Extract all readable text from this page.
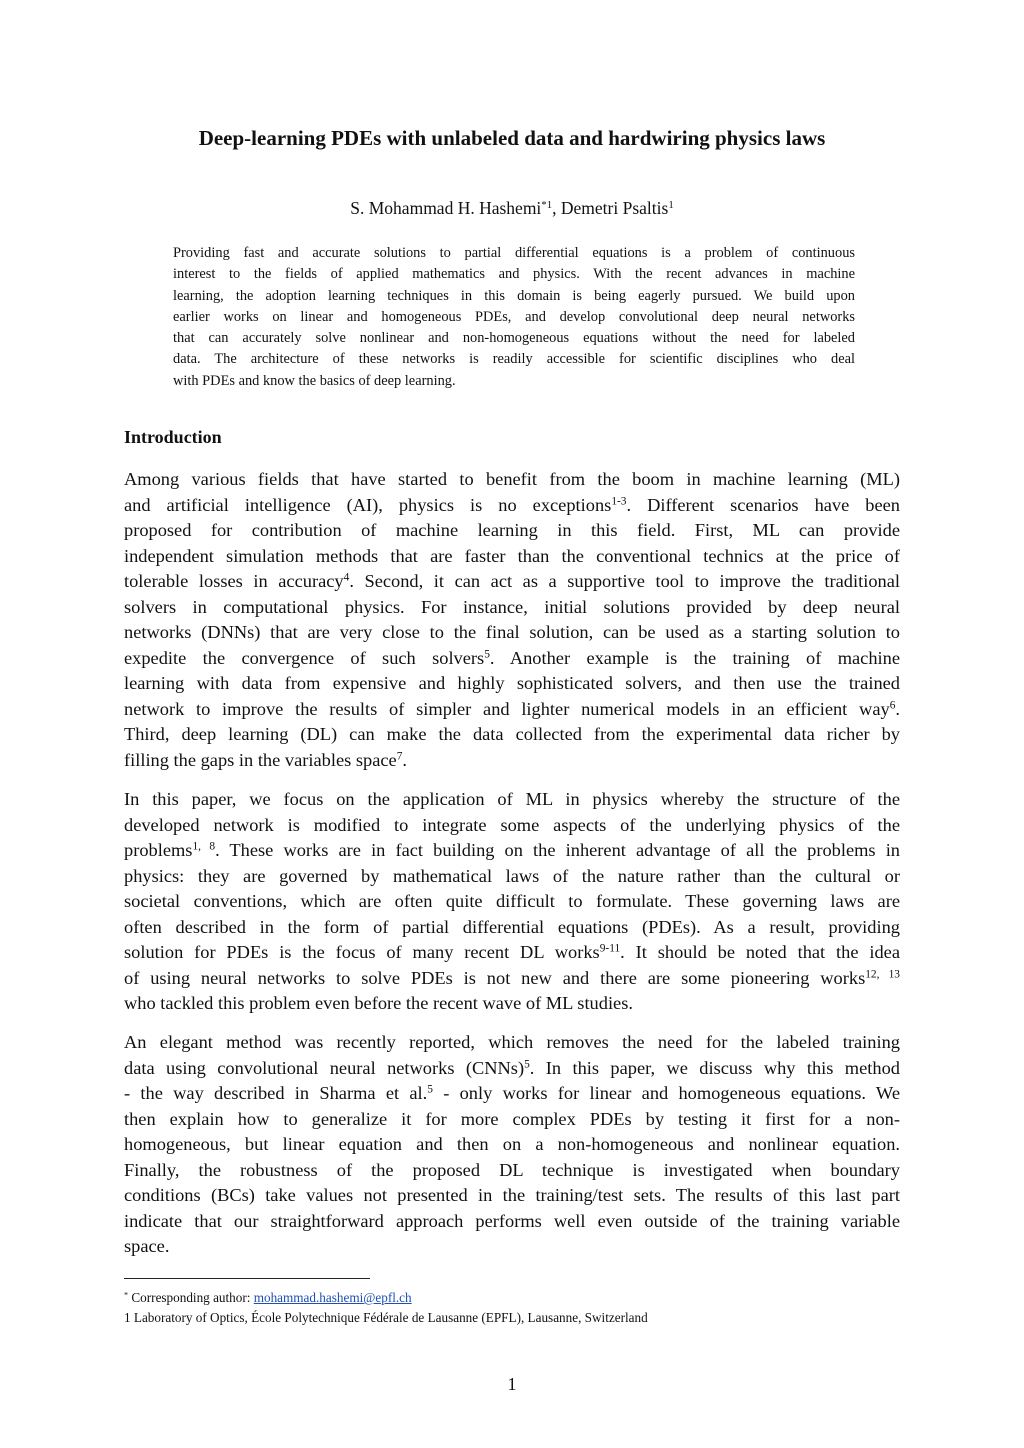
Deep-learning PDEs with unlabeled data and hardwiring physics laws
S. Mohammad H. Hashemi$^{*1}$, Demetri Psaltis$^1$
Providing fast and accurate solutions to partial differential equations is a problem of continuous
interest to the fields of applied mathematics and physics. With the recent advances in machine
learning, the adoption learning techniques in this domain is being eagerly pursued. We build upon
earlier works on linear and homogeneous PDEs, and develop convolutional deep neural networks
that can accurately solve nonlinear and non-homogeneous equations without the need for labeled
data. The architecture of these networks is readily accessible for scientific disciplines who deal
with PDEs and know the basics of deep learning.
Introduction
Among various fields that have started to benefit from the boom in machine learning (ML)
and artificial intelligence (AI), physics is no exceptions$^{1-3}$. Different scenarios have been
proposed for contribution of machine learning in this field. First, ML can provide
independent simulation methods that are faster than the conventional technics at the price of
tolerable losses in accuracy$^4$. Second, it can act as a supportive tool to improve the traditional
solvers in computational physics. For instance, initial solutions provided by deep neural
networks (DNNs) that are very close to the final solution, can be used as a starting solution to
expedite the convergence of such solvers$^5$. Another example is the training of machine
learning with data from expensive and highly sophisticated solvers, and then use the trained
network to improve the results of simpler and lighter numerical models in an efficient way$^6$.
Third, deep learning (DL) can make the data collected from the experimental data richer by
filling the gaps in the variables space$^7$.
In this paper, we focus on the application of ML in physics whereby the structure of the
developed network is modified to integrate some aspects of the underlying physics of the
problems$^{1, 8}$. These works are in fact building on the inherent advantage of all the problems in
physics: they are governed by mathematical laws of the nature rather than the cultural or
societal conventions, which are often quite difficult to formulate. These governing laws are
often described in the form of partial differential equations (PDEs). As a result, providing
solution for PDEs is the focus of many recent DL works$^{9-11}$. It should be noted that the idea
of using neural networks to solve PDEs is not new and there are some pioneering works$^{12, 13}$
who tackled this problem even before the recent wave of ML studies.
An elegant method was recently reported, which removes the need for the labeled training
data using convolutional neural networks (CNNs)$^5$. In this paper, we discuss why this method
- the way described in Sharma et al.$^5$ - only works for linear and homogeneous equations. We
then explain how to generalize it for more complex PDEs by testing it first for a non-
homogeneous, but linear equation and then on a non-homogeneous and nonlinear equation.
Finally, the robustness of the proposed DL technique is investigated when boundary
conditions (BCs) take values not presented in the training/test sets. The results of this last part
indicate that our straightforward approach performs well even outside of the training variable
space.
* Corresponding author: mohammad.hashemi@epfl.ch
1 Laboratory of Optics, École Polytechnique Fédérale de Lausanne (EPFL), Lausanne, Switzerland
1
